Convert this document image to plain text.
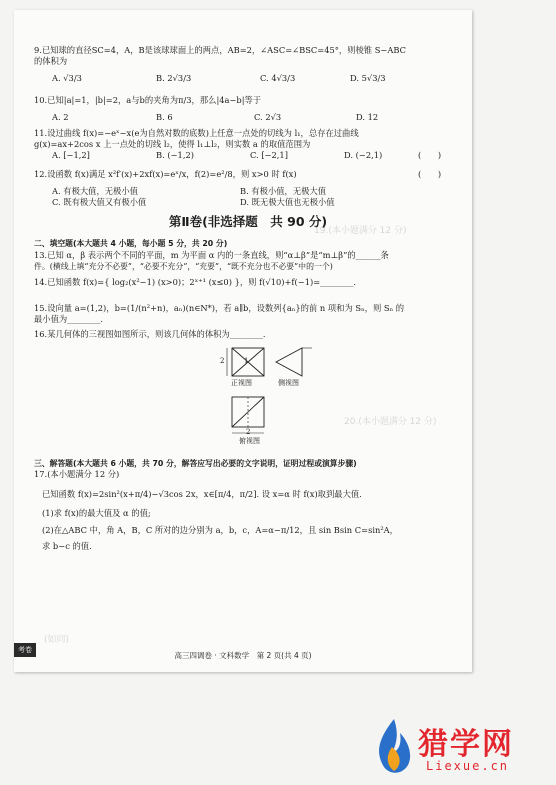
19.(本小题满分 12 分)
20.(本小题满分 12 分)
(如同)
9.已知球的直径SC=4，A，B是该球球面上的两点，AB=2，∠ASC=∠BSC=45°，则棱锥 S−ABC
的体积为
A. √3/3	B. 2√3/3	C. 4√3/3	D. 5√3/3
10.已知|a|=1，|b|=2，a与b的夹角为π/3，那么|4a−b|等于
A. 2	B. 6	C. 2√3	D. 12
11.设过曲线 f(x)=−eˣ−x(e为自然对数的底数)上任意一点处的切线为 l₁，总存在过曲线
g(x)=ax+2cos x 上一点处的切线 l₂，使得 l₁⊥l₂，则实数 a 的取值范围为
A. [−1,2]	B. (−1,2)	C. [−2,1]	D. (−2,1)	(　　)
12.设函数 f(x)满足 x²f′(x)+2xf(x)=eˣ/x，f(2)=e²/8，则 x>0 时 f(x)	(　　)
A. 有极大值，无极小值	B. 有极小值，无极大值
C. 既有极大值又有极小值	D. 既无极大值也无极小值
第Ⅱ卷(非选择题　共 90 分)
二、填空题(本大题共 4 小题，每小题 5 分，共 20 分)
13.已知 α，β 表示两个不同的平面，m 为平面 α 内的一条直线，则“α⊥β”是“m⊥β”的______条
件。(横线上填“充分不必要”，“必要不充分”，“充要”，“既不充分也不必要”中的一个)
14.已知函数 f(x)={ log₂(x²−1) (x>0)；2ˣ⁺¹ (x≤0) }，则 f(√10)+f(−1)=________.
15.设向量 a=(1,2)，b=(1/(n²+n)，aₙ)(n∈N*)，若 a∥b，设数列{aₙ}的前 n 项和为 Sₙ，则 Sₙ 的
最小值为________.
16.某几何体的三视图如图所示，则该几何体的体积为________.
2	1
正视图	侧视图
2
俯视图
三、解答题(本大题共 6 小题，共 70 分，解答应写出必要的文字说明，证明过程或演算步骤)
17.(本小题满分 12 分)
已知函数 f(x)=2sin²(x+π/4)−√3cos 2x，x∈[π/4，π/2]. 设 x=α 时 f(x)取到最大值.
(1)求 f(x)的最大值及 α 的值;
(2)在△ABC 中，角 A，B，C 所对的边分别为 a，b，c，A=α−π/12，且 sin Bsin C=sin²A，
求 b−c 的值.
考卷
高三四调卷 · 文科数学　第 2 页(共 4 页)
猎学网
Liexue.cn
